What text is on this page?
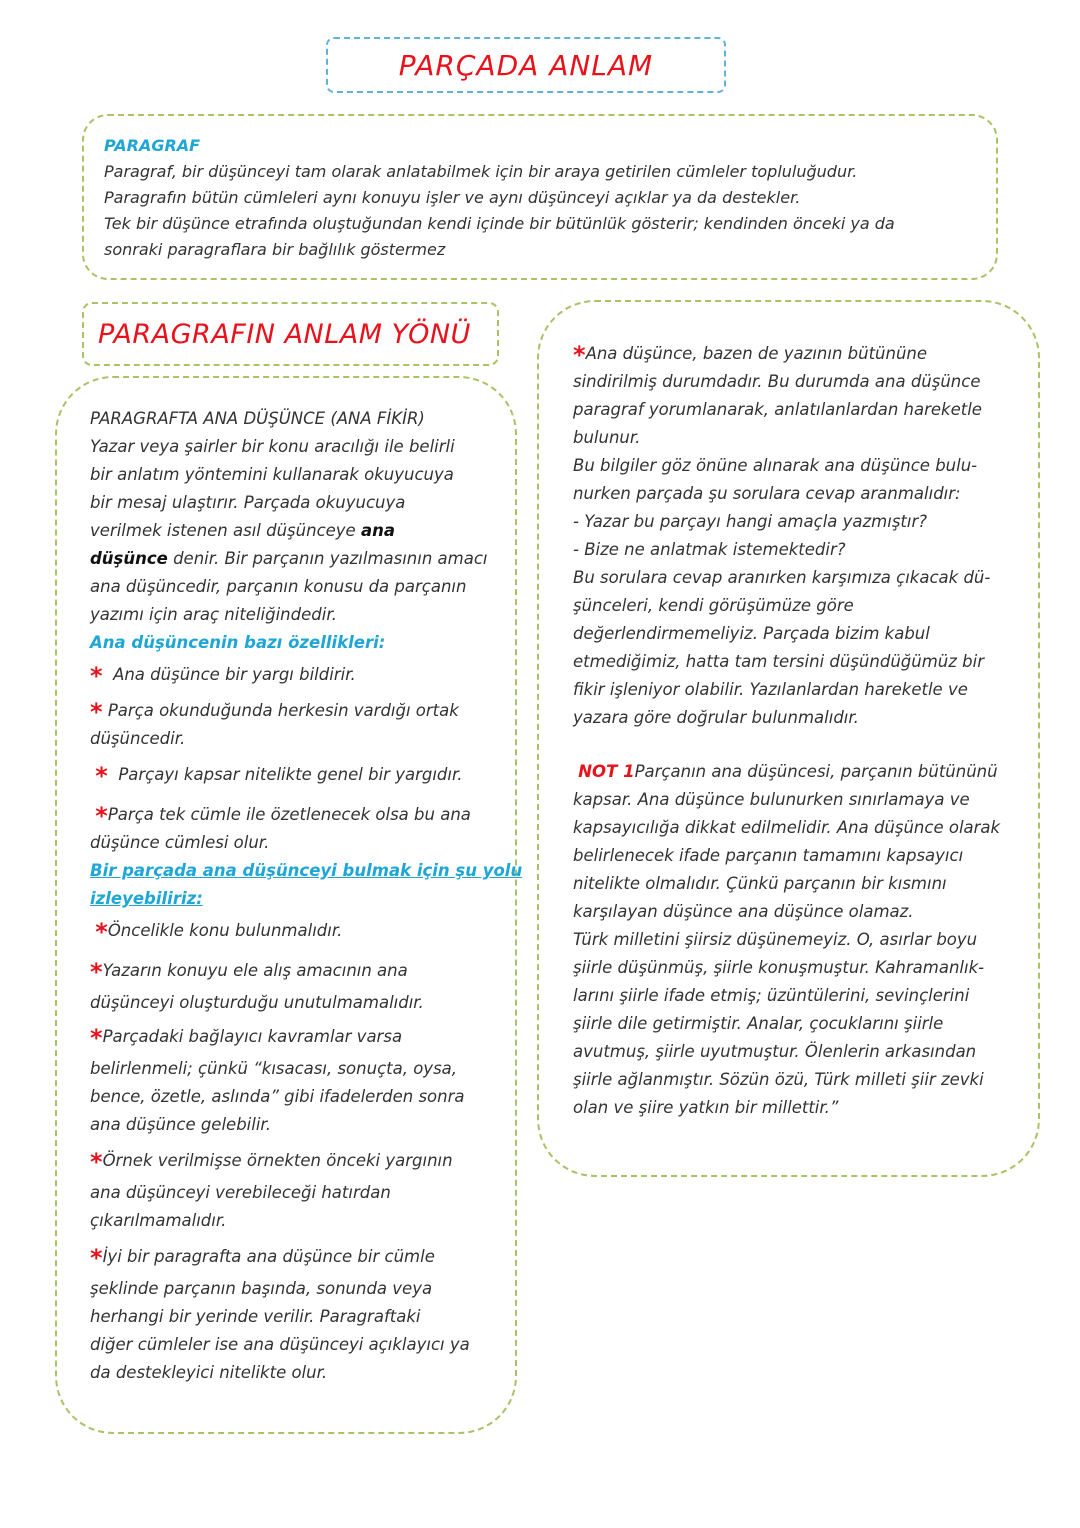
PARÇADA ANLAM
PARAGRAF
Paragraf, bir düşünceyi tam olarak anlatabilmek için bir araya getirilen cümleler topluluğudur.
Paragrafın bütün cümleleri aynı konuyu işler ve aynı düşünceyi açıklar ya da destekler.
Tek bir düşünce etrafında oluştuğundan kendi içinde bir bütünlük gösterir; kendinden önceki ya da
sonraki paragraflara bir bağlılık göstermez
PARAGRAFIN ANLAM YÖNÜ
PARAGRAFTA ANA DÜŞÜNCE (ANA FİKİR)
Yazar veya şairler bir konu aracılığı ile belirli
bir anlatım yöntemini kullanarak okuyucuya
bir mesaj ulaştırır. Parçada okuyucuya
verilmek istenen asıl düşünceye ana
düşünce denir. Bir parçanın yazılmasının amacı
ana düşüncedir, parçanın konusu da parçanın
yazımı için araç niteliğindedir.
Ana düşüncenin bazı özellikleri:
* Ana düşünce bir yargı bildirir.
* Parça okunduğunda herkesin vardığı ortak
düşüncedir.
* Parçayı kapsar nitelikte genel bir yargıdır.
*Parça tek cümle ile özetlenecek olsa bu ana
düşünce cümlesi olur.
Bir parçada ana düşünceyi bulmak için şu yolu
izleyebiliriz:
*Öncelikle konu bulunmalıdır.
*Yazarın konuyu ele alış amacının ana
düşünceyi oluşturduğu unutulmamalıdır.
*Parçadaki bağlayıcı kavramlar varsa
belirlenmeli; çünkü “kısacası, sonuçta, oysa,
bence, özetle, aslında” gibi ifadelerden sonra
ana düşünce gelebilir.
*Örnek verilmişse örnekten önceki yargının
ana düşünceyi verebileceği hatırdan
çıkarılmamalıdır.
*İyi bir paragrafta ana düşünce bir cümle
şeklinde parçanın başında, sonunda veya
herhangi bir yerinde verilir. Paragraftaki
diğer cümleler ise ana düşünceyi açıklayıcı ya
da destekleyici nitelikte olur.
*Ana düşünce, bazen de yazının bütününe
sindirilmiş durumdadır. Bu durumda ana düşünce
paragraf yorumlanarak, anlatılanlardan hareketle
bulunur.
Bu bilgiler göz önüne alınarak ana düşünce bulu-
nurken parçada şu sorulara cevap aranmalıdır:
- Yazar bu parçayı hangi amaçla yazmıştır?
- Bize ne anlatmak istemektedir?
Bu sorulara cevap aranırken karşımıza çıkacak dü-
şünceleri, kendi görüşümüze göre
değerlendirmemeliyiz. Parçada bizim kabul
etmediğimiz, hatta tam tersini düşündüğümüz bir
fikir işleniyor olabilir. Yazılanlardan hareketle ve
yazara göre doğrular bulunmalıdır.
NOT 1Parçanın ana düşüncesi, parçanın bütününü
kapsar. Ana düşünce bulunurken sınırlamaya ve
kapsayıcılığa dikkat edilmelidir. Ana düşünce olarak
belirlenecek ifade parçanın tamamını kapsayıcı
nitelikte olmalıdır. Çünkü parçanın bir kısmını
karşılayan düşünce ana düşünce olamaz.
Türk milletini şiirsiz düşünemeyiz. O, asırlar boyu
şiirle düşünmüş, şiirle konuşmuştur. Kahramanlık-
larını şiirle ifade etmiş; üzüntülerini, sevinçlerini
şiirle dile getirmiştir. Analar, çocuklarını şiirle
avutmuş, şiirle uyutmuştur. Ölenlerin arkasından
şiirle ağlanmıştır. Sözün özü, Türk milleti şiir zevki
olan ve şiire yatkın bir millettir.”
